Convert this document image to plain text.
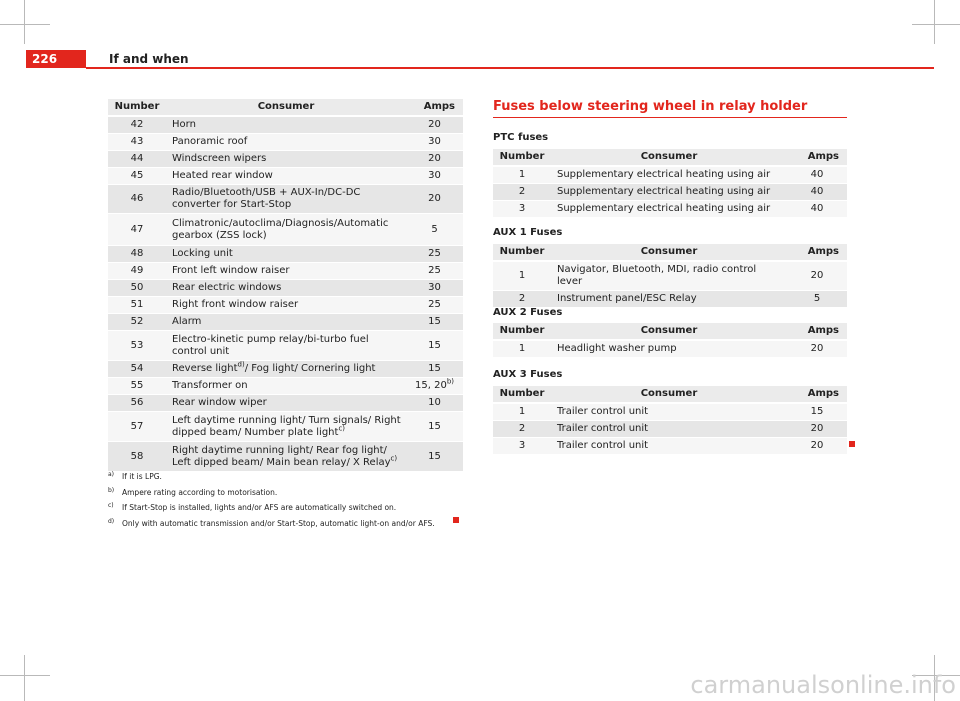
226	If and when
Number	Consumer	Amps
42	Horn	20
43	Panoramic roof	30
44	Windscreen wipers	20
45	Heated rear window	30
46	Radio/Bluetooth/USB + AUX-In/DC-DC converter for Start-Stop	20
47	Climatronic/autoclima/Diagnosis/Automatic gearbox (ZSS lock)	5
48	Locking unit	25
49	Front left window raiser	25
50	Rear electric windows	30
51	Right front window raiser	25
52	Alarm	15
53	Electro-kinetic pump relay/bi-turbo fuel control unit	15
54	Reverse light$^{d)}$/ Fog light/ Cornering light	15
55	Transformer on	15, 20$^{b)}$
56	Rear window wiper	10
57	Left daytime running light/ Turn signals/ Right dipped beam/ Number plate light$^{c)}$	15
58	Right daytime running light/ Rear fog light/ Left dipped beam/ Main bean relay/ X Relay$^{c)}$	15
a) If it is LPG.
b) Ampere rating according to motorisation.
c) If Start-Stop is installed, lights and/or AFS are automatically switched on.
d) Only with automatic transmission and/or Start-Stop, automatic light-on and/or AFS.
Fuses below steering wheel in relay holder
PTC fuses
Number	Consumer	Amps
1	Supplementary electrical heating using air	40
2	Supplementary electrical heating using air	40
3	Supplementary electrical heating using air	40
AUX 1 Fuses
Number	Consumer	Amps
1	Navigator, Bluetooth, MDI, radio control lever	20
2	Instrument panel/ESC Relay	5
AUX 2 Fuses
Number	Consumer	Amps
1	Headlight washer pump	20
AUX 3 Fuses
Number	Consumer	Amps
1	Trailer control unit	15
2	Trailer control unit	20
3	Trailer control unit	20
carmanualsonline.info
